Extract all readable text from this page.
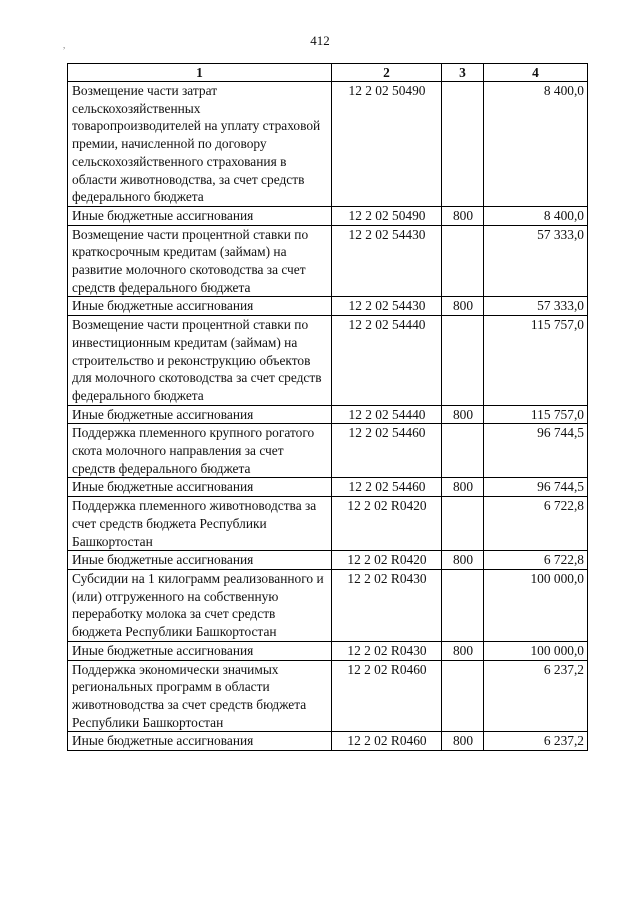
412
,
1	2	3	4
Возмещение части затрат сельскохозяйственных товаропроизводителей на уплату страховой премии, начисленной по договору сельскохозяйственного страхования в области животноводства, за счет средств федерального бюджета	12 2 02 50490		8 400,0
Иные бюджетные ассигнования	12 2 02 50490	800	8 400,0
Возмещение части процентной ставки по краткосрочным кредитам (займам) на развитие молочного скотоводства за счет средств федерального бюджета	12 2 02 54430		57 333,0
Иные бюджетные ассигнования	12 2 02 54430	800	57 333,0
Возмещение части процентной ставки по инвестиционным кредитам (займам) на строительство и реконструкцию объектов для молочного скотоводства за счет средств федерального бюджета	12 2 02 54440		115 757,0
Иные бюджетные ассигнования	12 2 02 54440	800	115 757,0
Поддержка племенного крупного рогатого скота молочного направления за счет средств федерального бюджета	12 2 02 54460		96 744,5
Иные бюджетные ассигнования	12 2 02 54460	800	96 744,5
Поддержка племенного животноводства за счет средств бюджета Республики Башкортостан	12 2 02 R0420		6 722,8
Иные бюджетные ассигнования	12 2 02 R0420	800	6 722,8
Субсидии на 1 килограмм реализованного и (или) отгруженного на собственную переработку молока за счет средств бюджета Республики Башкортостан	12 2 02 R0430		100 000,0
Иные бюджетные ассигнования	12 2 02 R0430	800	100 000,0
Поддержка экономически значимых региональных программ в области животноводства за счет средств бюджета Республики Башкортостан	12 2 02 R0460		6 237,2
Иные бюджетные ассигнования	12 2 02 R0460	800	6 237,2
